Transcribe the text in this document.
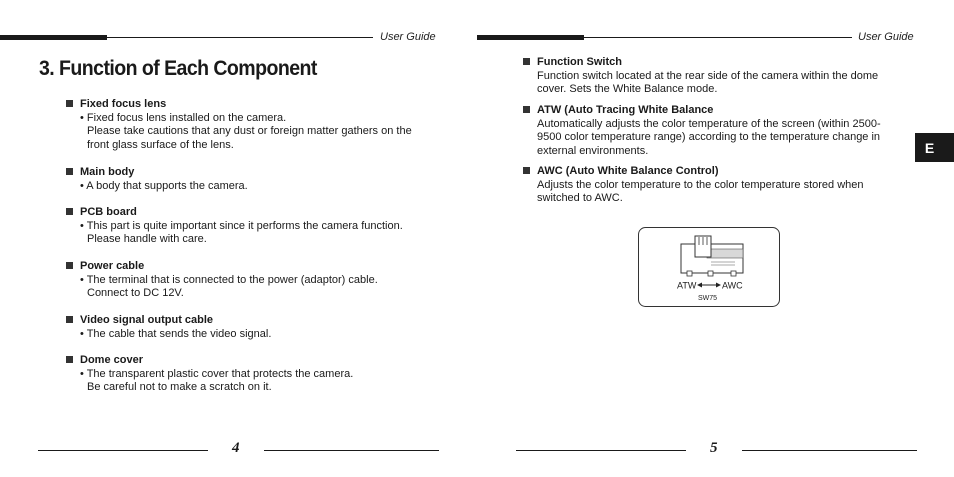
User Guide	User Guide
3. Function of Each Component
Fixed focus lens
• Fixed focus lens installed on the camera.
Please take cautions that any dust or foreign matter gathers on the
front glass surface of the lens.
Main body
• A body that supports the camera.
PCB board
• This part is quite important since it performs the camera function.
Please handle with care.
Power cable
• The terminal that is connected to the power (adaptor) cable.
Connect to DC 12V.
Video signal output cable
• The cable that sends the video signal.
Dome cover
• The transparent plastic cover that protects the camera.
Be careful not to make a scratch on it.
Function Switch
Function switch located at the rear side of the camera within the dome
cover. Sets the White Balance mode.
ATW (Auto Tracing White Balance
Automatically adjusts the color temperature of the screen (within 2500-
9500 color temperature range) according to the temperature change in
external environments.
AWC (Auto White Balance Control)
Adjusts the color temperature to the color temperature stored when
switched to AWC.
ATW	AWC
SW75
E
4	5
